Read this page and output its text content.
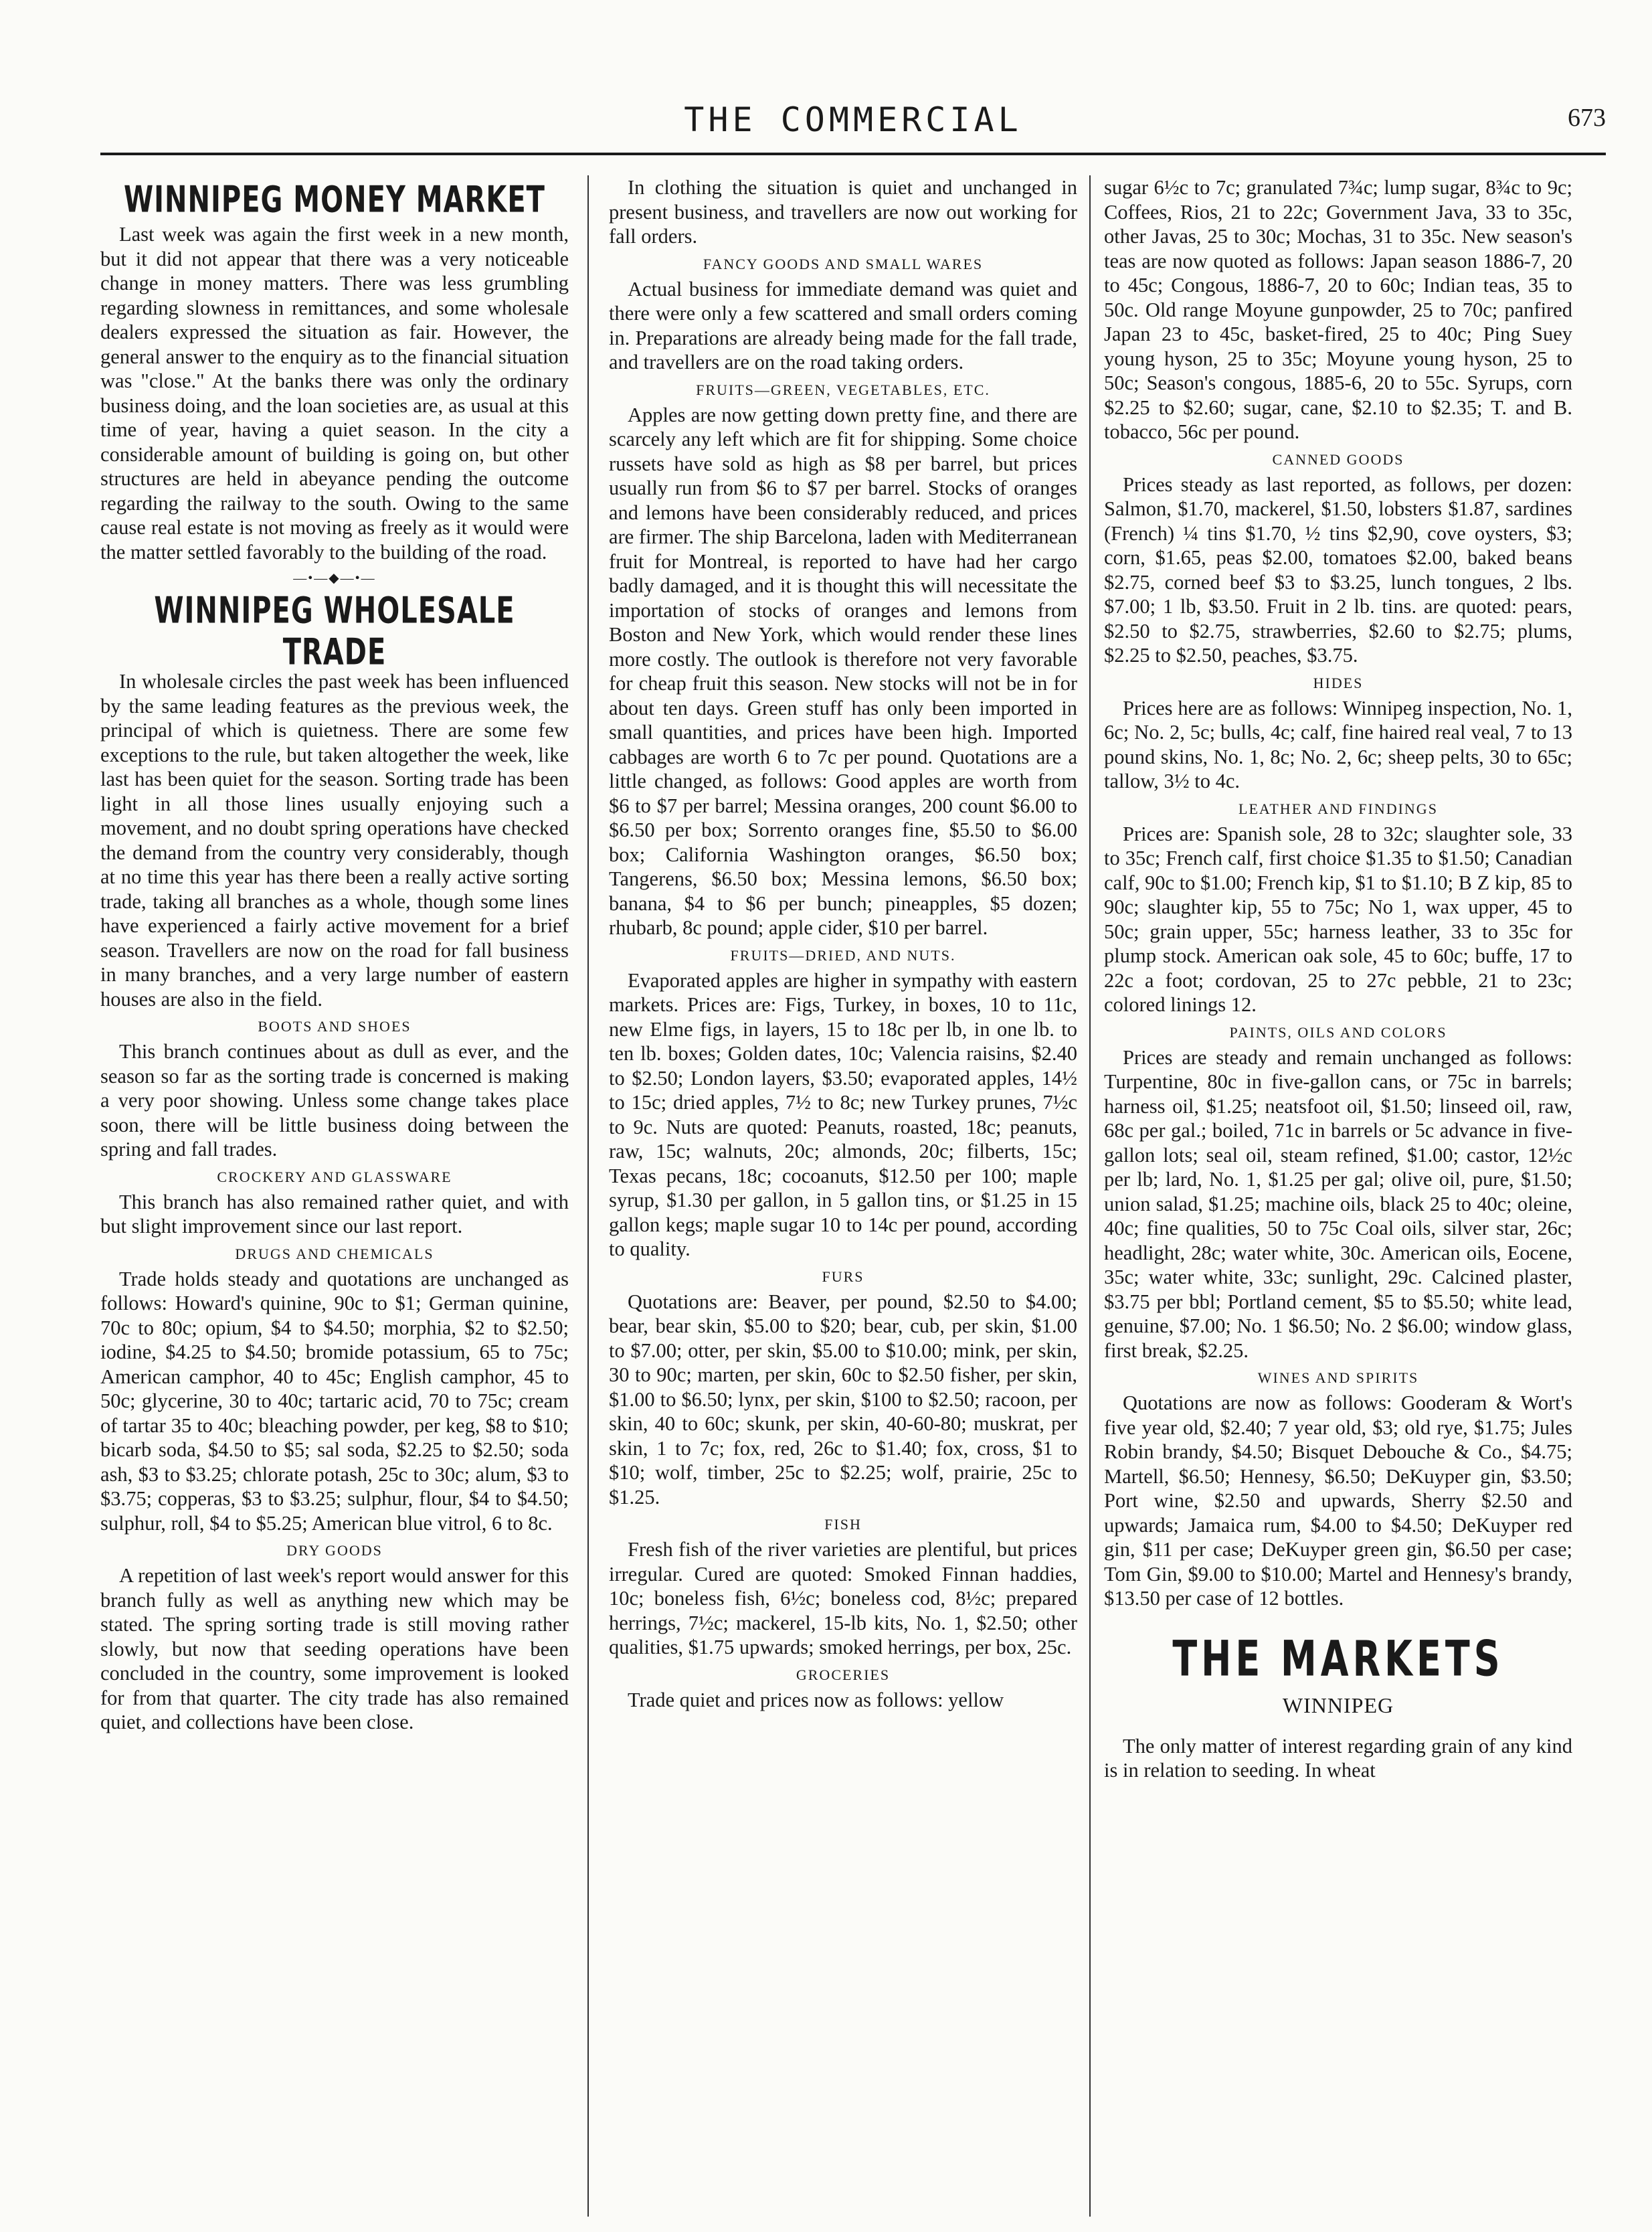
THE COMMERCIAL	673
WINNIPEG MONEY MARKET

Last week was again the first week in a new month, but it did not appear that there was a very noticeable change in money matters. There was less grumbling regarding slowness in remittances, and some wholesale dealers expressed the situation as fair. However, the general answer to the enquiry as to the financial situation was "close." At the banks there was only the ordinary business doing, and the loan societies are, as usual at this time of year, having a quiet season. In the city a considerable amount of building is going on, but other structures are held in abeyance pending the outcome regarding the railway to the south. Owing to the same cause real estate is not moving as freely as it would were the matter settled favorably to the building of the road.

—•—◆—•—
WINNIPEG WHOLESALE TRADE

In wholesale circles the past week has been influenced by the same leading features as the previous week, the principal of which is quietness. There are some few exceptions to the rule, but taken altogether the week, like last has been quiet for the season. Sorting trade has been light in all those lines usually enjoying such a movement, and no doubt spring operations have checked the demand from the country very considerably, though at no time this year has there been a really active sorting trade, taking all branches as a whole, though some lines have experienced a fairly active movement for a brief season. Travellers are now on the road for fall business in many branches, and a very large number of eastern houses are also in the field.

BOOTS AND SHOES

This branch continues about as dull as ever, and the season so far as the sorting trade is concerned is making a very poor showing. Unless some change takes place soon, there will be little business doing between the spring and fall trades.

CROCKERY AND GLASSWARE

This branch has also remained rather quiet, and with but slight improvement since our last report.

DRUGS AND CHEMICALS

Trade holds steady and quotations are unchanged as follows: Howard's quinine, 90c to $1; German quinine, 70c to 80c; opium, $4 to $4.50; morphia, $2 to $2.50; iodine, $4.25 to $4.50; bromide potassium, 65 to 75c; American camphor, 40 to 45c; English camphor, 45 to 50c; glycerine, 30 to 40c; tartaric acid, 70 to 75c; cream of tartar 35 to 40c; bleaching powder, per keg, $8 to $10; bicarb soda, $4.50 to $5; sal soda, $2.25 to $2.50; soda ash, $3 to $3.25; chlorate potash, 25c to 30c; alum, $3 to $3.75; copperas, $3 to $3.25; sulphur, flour, $4 to $4.50; sulphur, roll, $4 to $5.25; American blue vitrol, 6 to 8c.

DRY GOODS

A repetition of last week's report would answer for this branch fully as well as anything new which may be stated. The spring sorting trade is still moving rather slowly, but now that seeding operations have been concluded in the country, some improvement is looked for from that quarter. The city trade has also remained quiet, and collections have been close.

In clothing the situation is quiet and unchanged in present business, and travellers are now out working for fall orders.

FANCY GOODS AND SMALL WARES

Actual business for immediate demand was quiet and there were only a few scattered and small orders coming in. Preparations are already being made for the fall trade, and travellers are on the road taking orders.

FRUITS—GREEN, VEGETABLES, ETC.

Apples are now getting down pretty fine, and there are scarcely any left which are fit for shipping. Some choice russets have sold as high as $8 per barrel, but prices usually run from $6 to $7 per barrel. Stocks of oranges and lemons have been considerably reduced, and prices are firmer. The ship Barcelona, laden with Mediterranean fruit for Montreal, is reported to have had her cargo badly damaged, and it is thought this will necessitate the importation of stocks of oranges and lemons from Boston and New York, which would render these lines more costly. The outlook is therefore not very favorable for cheap fruit this season. New stocks will not be in for about ten days. Green stuff has only been imported in small quantities, and prices have been high. Imported cabbages are worth 6 to 7c per pound. Quotations are a little changed, as follows: Good apples are worth from $6 to $7 per barrel; Messina oranges, 200 count $6.00 to $6.50 per box; Sorrento oranges fine, $5.50 to $6.00 box; California Washington oranges, $6.50 box; Tangerens, $6.50 box; Messina lemons, $6.50 box; banana, $4 to $6 per bunch; pineapples, $5 dozen; rhubarb, 8c pound; apple cider, $10 per barrel.

FRUITS—DRIED, AND NUTS.

Evaporated apples are higher in sympathy with eastern markets. Prices are: Figs, Turkey, in boxes, 10 to 11c, new Elme figs, in layers, 15 to 18c per lb, in one lb. to ten lb. boxes; Golden dates, 10c; Valencia raisins, $2.40 to $2.50; London layers, $3.50; evaporated apples, 14½ to 15c; dried apples, 7½ to 8c; new Turkey prunes, 7½c to 9c. Nuts are quoted: Peanuts, roasted, 18c; peanuts, raw, 15c; walnuts, 20c; almonds, 20c; filberts, 15c; Texas pecans, 18c; cocoanuts, $12.50 per 100; maple syrup, $1.30 per gallon, in 5 gallon tins, or $1.25 in 15 gallon kegs; maple sugar 10 to 14c per pound, according to quality.

FURS

Quotations are: Beaver, per pound, $2.50 to $4.00; bear, bear skin, $5.00 to $20; bear, cub, per skin, $1.00 to $7.00; otter, per skin, $5.00 to $10.00; mink, per skin, 30 to 90c; marten, per skin, 60c to $2.50 fisher, per skin, $1.00 to $6.50; lynx, per skin, $100 to $2.50; racoon, per skin, 40 to 60c; skunk, per skin, 40-60-80; muskrat, per skin, 1 to 7c; fox, red, 26c to $1.40; fox, cross, $1 to $10; wolf, timber, 25c to $2.25; wolf, prairie, 25c to $1.25.

FISH

Fresh fish of the river varieties are plentiful, but prices irregular. Cured are quoted: Smoked Finnan haddies, 10c; boneless fish, 6½c; boneless cod, 8½c; prepared herrings, 7½c; mackerel, 15-lb kits, No. 1, $2.50; other qualities, $1.75 upwards; smoked herrings, per box, 25c.

GROCERIES

Trade quiet and prices now as follows: yellow

sugar 6½c to 7c; granulated 7¾c; lump sugar, 8¾c to 9c; Coffees, Rios, 21 to 22c; Government Java, 33 to 35c, other Javas, 25 to 30c; Mochas, 31 to 35c. New season's teas are now quoted as follows: Japan season 1886-7, 20 to 45c; Congous, 1886-7, 20 to 60c; Indian teas, 35 to 50c. Old range Moyune gunpowder, 25 to 70c; panfired Japan 23 to 45c, basket-fired, 25 to 40c; Ping Suey young hyson, 25 to 35c; Moyune young hyson, 25 to 50c; Season's congous, 1885-6, 20 to 55c. Syrups, corn $2.25 to $2.60; sugar, cane, $2.10 to $2.35; T. and B. tobacco, 56c per pound.

CANNED GOODS

Prices steady as last reported, as follows, per dozen: Salmon, $1.70, mackerel, $1.50, lobsters $1.87, sardines (French) ¼ tins $1.70, ½ tins $2,90, cove oysters, $3; corn, $1.65, peas $2.00, tomatoes $2.00, baked beans $2.75, corned beef $3 to $3.25, lunch tongues, 2 lbs. $7.00; 1 lb, $3.50. Fruit in 2 lb. tins. are quoted: pears, $2.50 to $2.75, strawberries, $2.60 to $2.75; plums, $2.25 to $2.50, peaches, $3.75.

HIDES

Prices here are as follows: Winnipeg inspection, No. 1, 6c; No. 2, 5c; bulls, 4c; calf, fine haired real veal, 7 to 13 pound skins, No. 1, 8c; No. 2, 6c; sheep pelts, 30 to 65c; tallow, 3½ to 4c.

LEATHER AND FINDINGS

Prices are: Spanish sole, 28 to 32c; slaughter sole, 33 to 35c; French calf, first choice $1.35 to $1.50; Canadian calf, 90c to $1.00; French kip, $1 to $1.10; B Z kip, 85 to 90c; slaughter kip, 55 to 75c; No 1, wax upper, 45 to 50c; grain upper, 55c; harness leather, 33 to 35c for plump stock. American oak sole, 45 to 60c; buffe, 17 to 22c a foot; cordovan, 25 to 27c pebble, 21 to 23c; colored linings 12.

PAINTS, OILS AND COLORS

Prices are steady and remain unchanged as follows: Turpentine, 80c in five-gallon cans, or 75c in barrels; harness oil, $1.25; neatsfoot oil, $1.50; linseed oil, raw, 68c per gal.; boiled, 71c in barrels or 5c advance in five-gallon lots; seal oil, steam refined, $1.00; castor, 12½c per lb; lard, No. 1, $1.25 per gal; olive oil, pure, $1.50; union salad, $1.25; machine oils, black 25 to 40c; oleine, 40c; fine qualities, 50 to 75c Coal oils, silver star, 26c; headlight, 28c; water white, 30c. American oils, Eocene, 35c; water white, 33c; sunlight, 29c. Calcined plaster, $3.75 per bbl; Portland cement, $5 to $5.50; white lead, genuine, $7.00; No. 1 $6.50; No. 2 $6.00; window glass, first break, $2.25.

WINES AND SPIRITS

Quotations are now as follows: Gooderam & Wort's five year old, $2.40; 7 year old, $3; old rye, $1.75; Jules Robin brandy, $4.50; Bisquet Debouche & Co., $4.75; Martell, $6.50; Hennesy, $6.50; DeKuyper gin, $3.50; Port wine, $2.50 and upwards, Sherry $2.50 and upwards; Jamaica rum, $4.00 to $4.50; DeKuyper red gin, $11 per case; DeKuyper green gin, $6.50 per case; Tom Gin, $9.00 to $10.00; Martel and Hennesy's brandy, $13.50 per case of 12 bottles.

THE MARKETS
WINNIPEG

The only matter of interest regarding grain of any kind is in relation to seeding. In wheat
